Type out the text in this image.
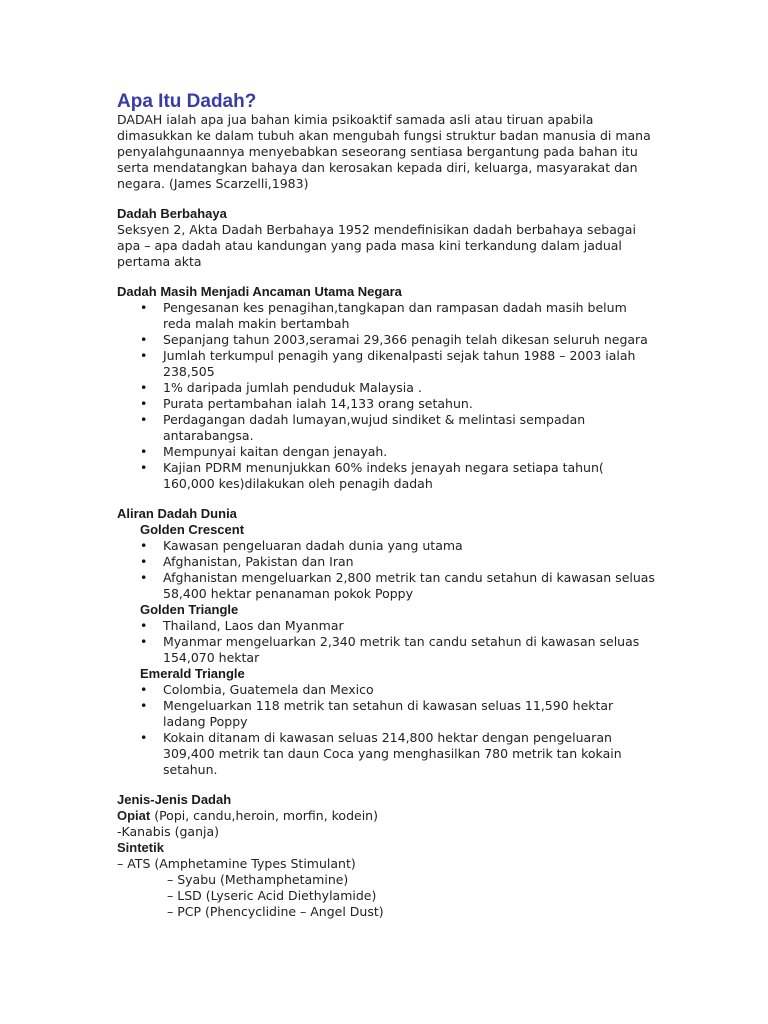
Apa Itu Dadah?

DADAH ialah apa jua bahan kimia psikoaktif samada asli atau tiruan apabila dimasukkan ke dalam tubuh akan mengubah fungsi struktur badan manusia di mana penyalahgunaannya menyebabkan seseorang sentiasa bergantung pada bahan itu serta mendatangkan bahaya dan kerosakan kepada diri, keluarga, masyarakat dan negara. (James Scarzelli,1983)

Dadah Berbahaya

Seksyen 2, Akta Dadah Berbahaya 1952 mendefinisikan dadah berbahaya sebagai apa – apa dadah atau kandungan yang pada masa kini terkandung dalam jadual pertama akta

Dadah Masih Menjadi Ancaman Utama Negara

• Pengesanan kes penagihan,tangkapan dan rampasan dadah masih belum reda malah makin bertambah
• Sepanjang tahun 2003,seramai 29,366 penagih telah dikesan seluruh negara
• Jumlah terkumpul penagih yang dikenalpasti sejak tahun 1988 – 2003 ialah 238,505
• 1% daripada jumlah penduduk Malaysia .
• Purata pertambahan ialah 14,133 orang setahun.
• Perdagangan dadah lumayan,wujud sindiket & melintasi sempadan antarabangsa.
• Mempunyai kaitan dengan jenayah.
• Kajian PDRM menunjukkan 60% indeks jenayah negara setiapa tahun( 160,000 kes)dilakukan oleh penagih dadah

Aliran Dadah Dunia

Golden Crescent

• Kawasan pengeluaran dadah dunia yang utama
• Afghanistan, Pakistan dan Iran
• Afghanistan mengeluarkan 2,800 metrik tan candu setahun di kawasan seluas 58,400 hektar penanaman pokok Poppy

Golden Triangle

• Thailand, Laos dan Myanmar
• Myanmar mengeluarkan 2,340 metrik tan candu setahun di kawasan seluas 154,070 hektar

Emerald Triangle

• Colombia, Guatemela dan Mexico
• Mengeluarkan 118 metrik tan setahun di kawasan seluas 11,590 hektar ladang Poppy
• Kokain ditanam di kawasan seluas 214,800 hektar dengan pengeluaran 309,400 metrik tan daun Coca yang menghasilkan 780 metrik tan kokain setahun.

Jenis-Jenis Dadah

Opiat (Popi, candu,heroin, morfin, kodein)

-Kanabis (ganja)

Sintetik

– ATS (Amphetamine Types Stimulant)

– Syabu (Methamphetamine)

– LSD (Lyseric Acid Diethylamide)

– PCP (Phencyclidine – Angel Dust)
